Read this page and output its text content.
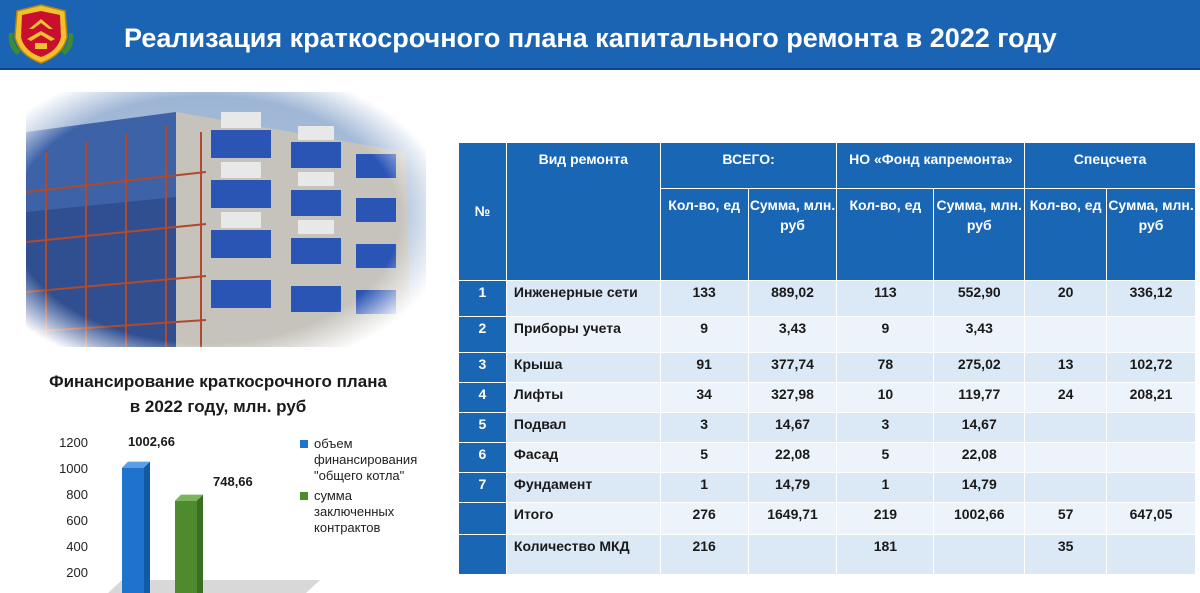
Реализация краткосрочного плана капитального ремонта в 2022 году
Финансирование краткосрочного плана в 2022 году, млн. руб
200
400
600
800
1000
1200	1002,66
748,66
объем
финансирования
"общего котла"
сумма
заключенных
контрактов
№	Вид ремонта	ВСЕГО:		НО «Фонд капремонта»		Спецсчета	
		Кол-во, ед	Сумма, млн. руб	Кол-во, ед	Сумма, млн. руб	Кол-во, ед	Сумма, млн. руб
1	Инженерные сети	133	889,02	113	552,90	20	336,12
2	Приборы учета	9	3,43	9	3,43		
3	Крыша	91	377,74	78	275,02	13	102,72
4	Лифты	34	327,98	10	119,77	24	208,21
5	Подвал	3	14,67	3	14,67		
6	Фасад	5	22,08	5	22,08		
7	Фундамент	1	14,79	1	14,79		
	Итого	276	1649,71	219	1002,66	57	647,05
	Количество МКД	216		181		35	
